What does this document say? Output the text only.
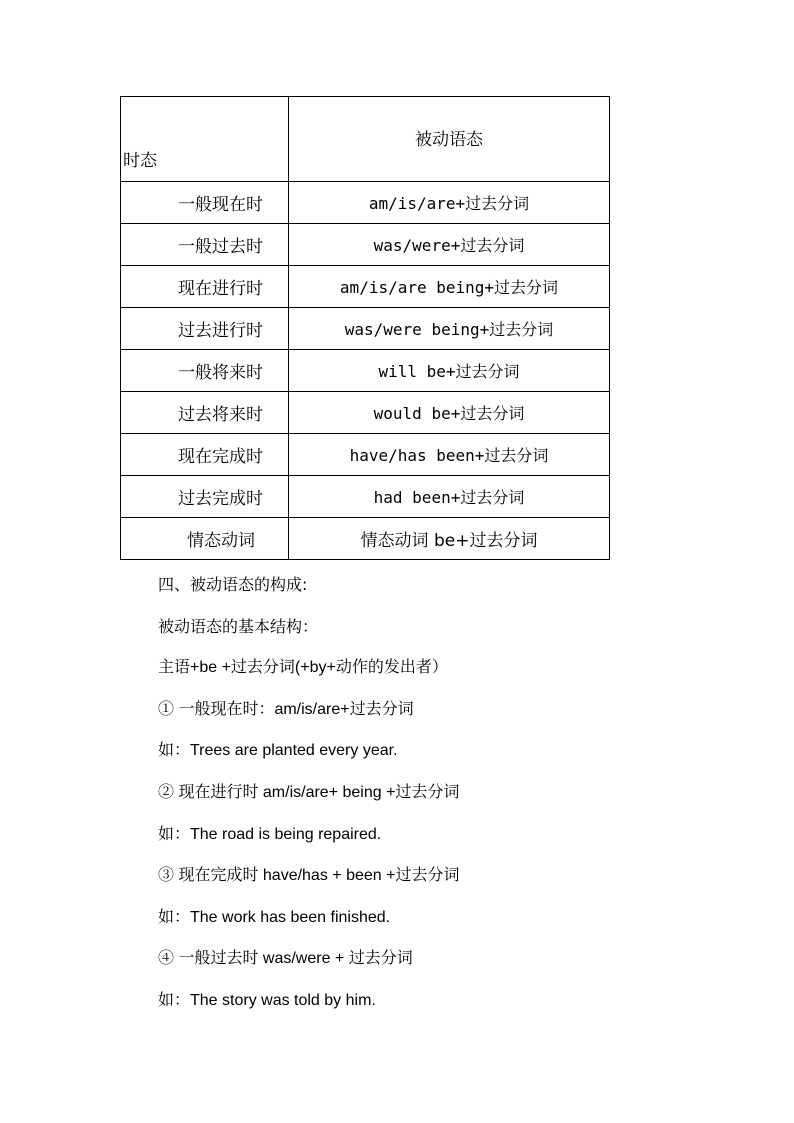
时态	被动语态
一般现在时	am/is/are+过去分词
一般过去时	was/were+过去分词
现在进行时	am/is/are being+过去分词
过去进行时	was/were being+过去分词
一般将来时	will be+过去分词
过去将来时	would be+过去分词
现在完成时	have/has been+过去分词
过去完成时	had been+过去分词
情态动词	情态动词 be+过去分词
四、被动语态的构成:
被动语态的基本结构：
主语+be +过去分词(+by+动作的发出者）
① 一般现在时：am/is/are+过去分词
如：Trees are planted every year.
② 现在进行时 am/is/are+ being +过去分词
如：The road is being repaired.
③ 现在完成时 have/has + been +过去分词
如：The work has been finished.
④ 一般过去时 was/were + 过去分词
如：The story was told by him.
